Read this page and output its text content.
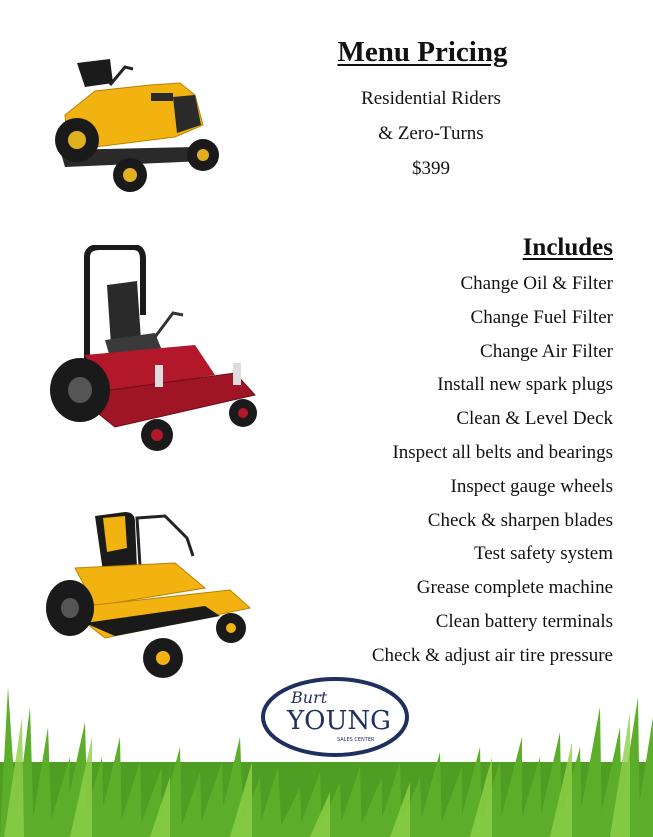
Menu Pricing
Residential Riders
& Zero-Turns
$399
Includes
Change Oil & Filter
Change Fuel Filter
Change Air Filter
Install new spark plugs
Clean & Level Deck
Inspect all belts and bearings
Inspect gauge wheels
Check & sharpen blades
Test safety system
Grease complete machine
Clean battery terminals
Check & adjust air tire pressure
Burt
YOUNG
SALES CENTER
